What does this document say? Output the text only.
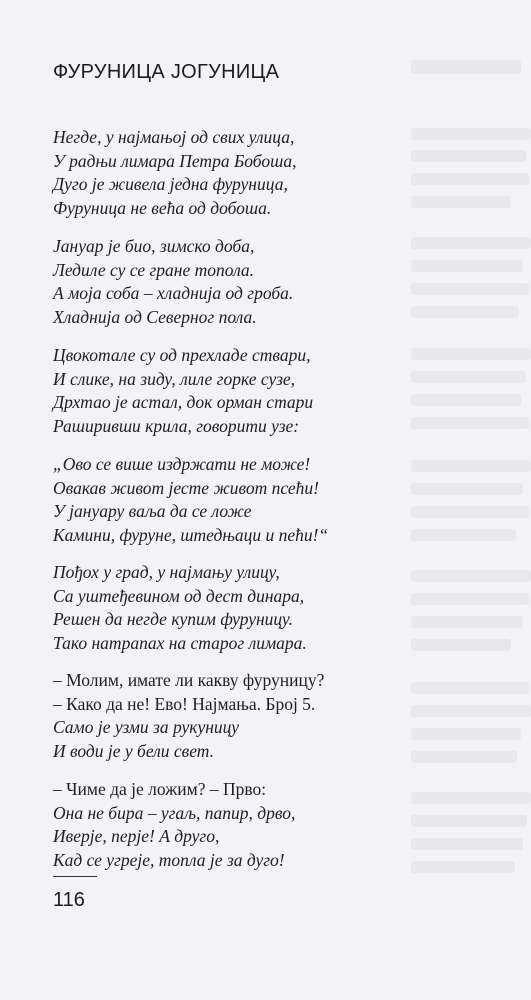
ФУРУНИЦА ЈОГУНИЦА
Негде, у најмањој од свих улица,
У радњи лимара Петра Бобоша,
Дуго је живела једна фуруница,
Фуруница не већа од добоша.
Јануар је био, зимско доба,
Ледиле су се гране топола.
А моја соба – хладнија од гроба.
Хладнија од Северног пола.
Цвокотале су од прехладе ствари,
И слике, на зиду, лиле горке сузе,
Дрхтао је астал, док орман стари
Раширивши крила, говорити узе:
„Ово се више издржати не може!
Овакав живот јесте живот псећи!
У јануару ваља да се ложе
Камини, фуруне, штедњаци и пећи!“
Пођох у град, у најмању улицу,
Са уштеђевином од дест динара,
Решен да негде купим фуруницу.
Тако натрапах на старог лимара.
– Молим, имате ли какву фуруницу?
– Како да не! Ево! Најмања. Број 5.
Само је узми за рукуницу
И води је у бели свет.
– Чиме да је ложим? – Прво:
Она не бира – угаљ, папир, дрво,
Иверје, перје! А друго,
Кад се угреје, топла је за дуго!
116
